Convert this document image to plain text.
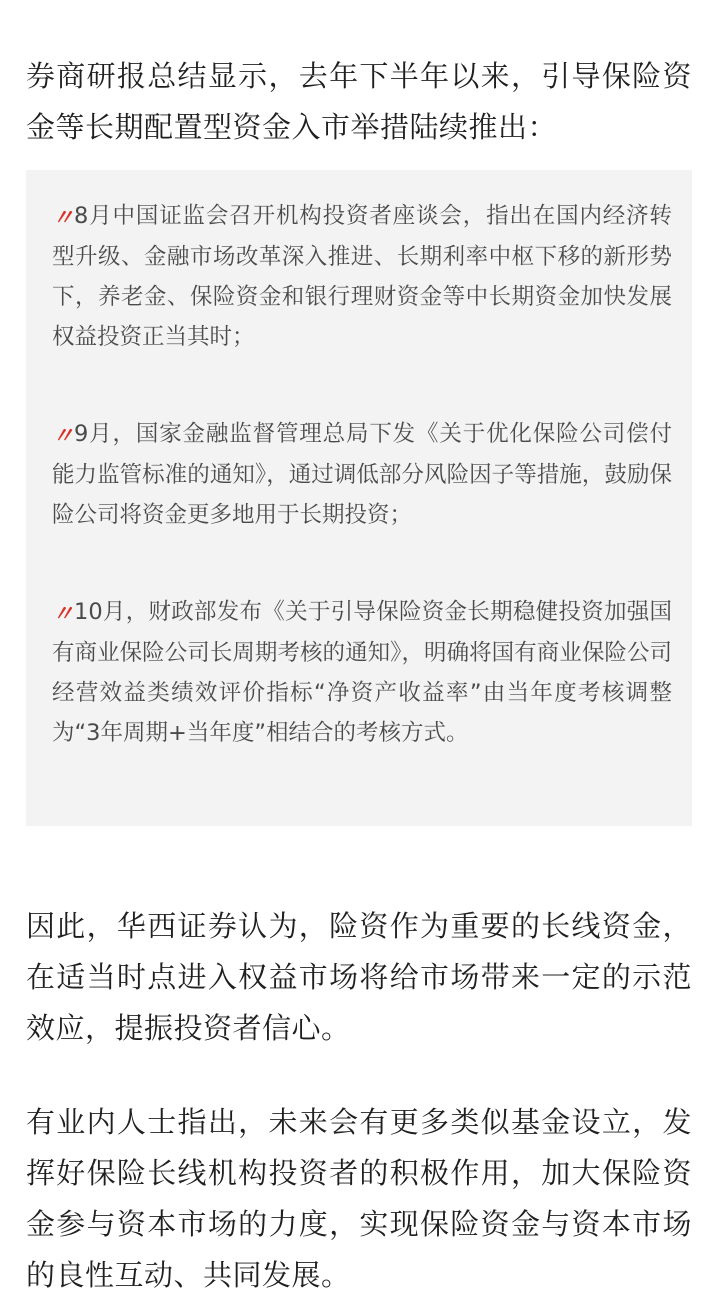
券商研报总结显示，去年下半年以来，引导保险资金等长期配置型资金入市举措陆续推出：

〃8月中国证监会召开机构投资者座谈会，指出在国内经济转型升级、金融市场改革深入推进、长期利率中枢下移的新形势下，养老金、保险资金和银行理财资金等中长期资金加快发展权益投资正当其时；
〃9月，国家金融监督管理总局下发《关于优化保险公司偿付能力监管标准的通知》，通过调低部分风险因子等措施，鼓励保险公司将资金更多地用于长期投资；
〃10月，财政部发布《关于引导保险资金长期稳健投资加强国有商业保险公司长周期考核的通知》，明确将国有商业保险公司经营效益类绩效评价指标“净资产收益率”由当年度考核调整为“3年周期+当年度”相结合的考核方式。

因此，华西证券认为，险资作为重要的长线资金，在适当时点进入权益市场将给市场带来一定的示范效应，提振投资者信心。

有业内人士指出，未来会有更多类似基金设立，发挥好保险长线机构投资者的积极作用，加大保险资金参与资本市场的力度，实现保险资金与资本市场的良性互动、共同发展。
